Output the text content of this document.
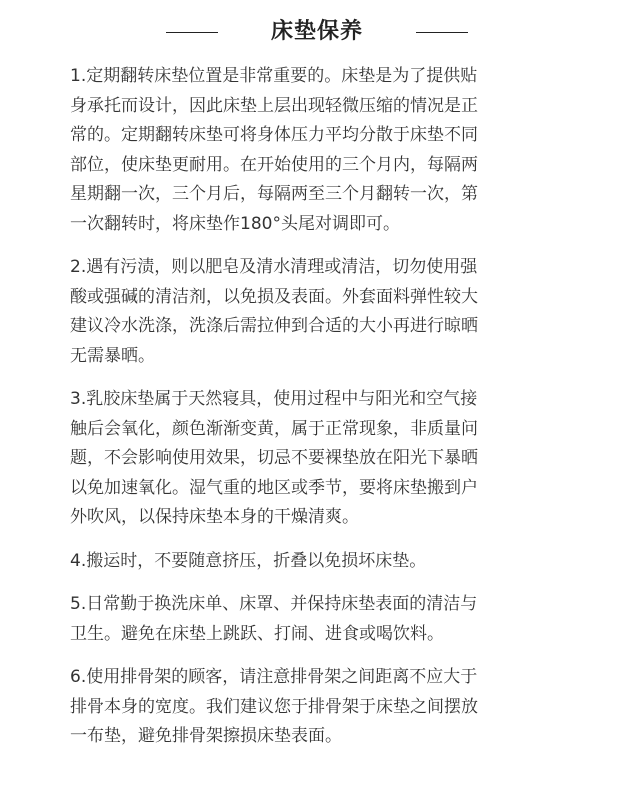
床垫保养

1.定期翻转床垫位置是非常重要的。床垫是为了提供贴
身承托而设计，因此床垫上层出现轻微压缩的情况是正
常的。定期翻转床垫可将身体压力平均分散于床垫不同
部位，使床垫更耐用。在开始使用的三个月内，每隔两
星期翻一次，三个月后，每隔两至三个月翻转一次，第
一次翻转时，将床垫作180°头尾对调即可。

2.遇有污渍，则以肥皂及清水清理或清洁，切勿使用强
酸或强碱的清洁剂，以免损及表面。外套面料弹性较大
建议冷水洗涤，洗涤后需拉伸到合适的大小再进行晾晒
无需暴晒。

3.乳胶床垫属于天然寝具，使用过程中与阳光和空气接
触后会氧化，颜色渐渐变黄，属于正常现象，非质量问
题，不会影响使用效果，切忌不要裸垫放在阳光下暴晒
以免加速氧化。湿气重的地区或季节，要将床垫搬到户
外吹风，以保持床垫本身的干燥清爽。

4.搬运时，不要随意挤压，折叠以免损坏床垫。

5.日常勤于换洗床单、床罩、并保持床垫表面的清洁与
卫生。避免在床垫上跳跃、打闹、进食或喝饮料。

6.使用排骨架的顾客，请注意排骨架之间距离不应大于
排骨本身的宽度。我们建议您于排骨架于床垫之间摆放
一布垫，避免排骨架擦损床垫表面。
